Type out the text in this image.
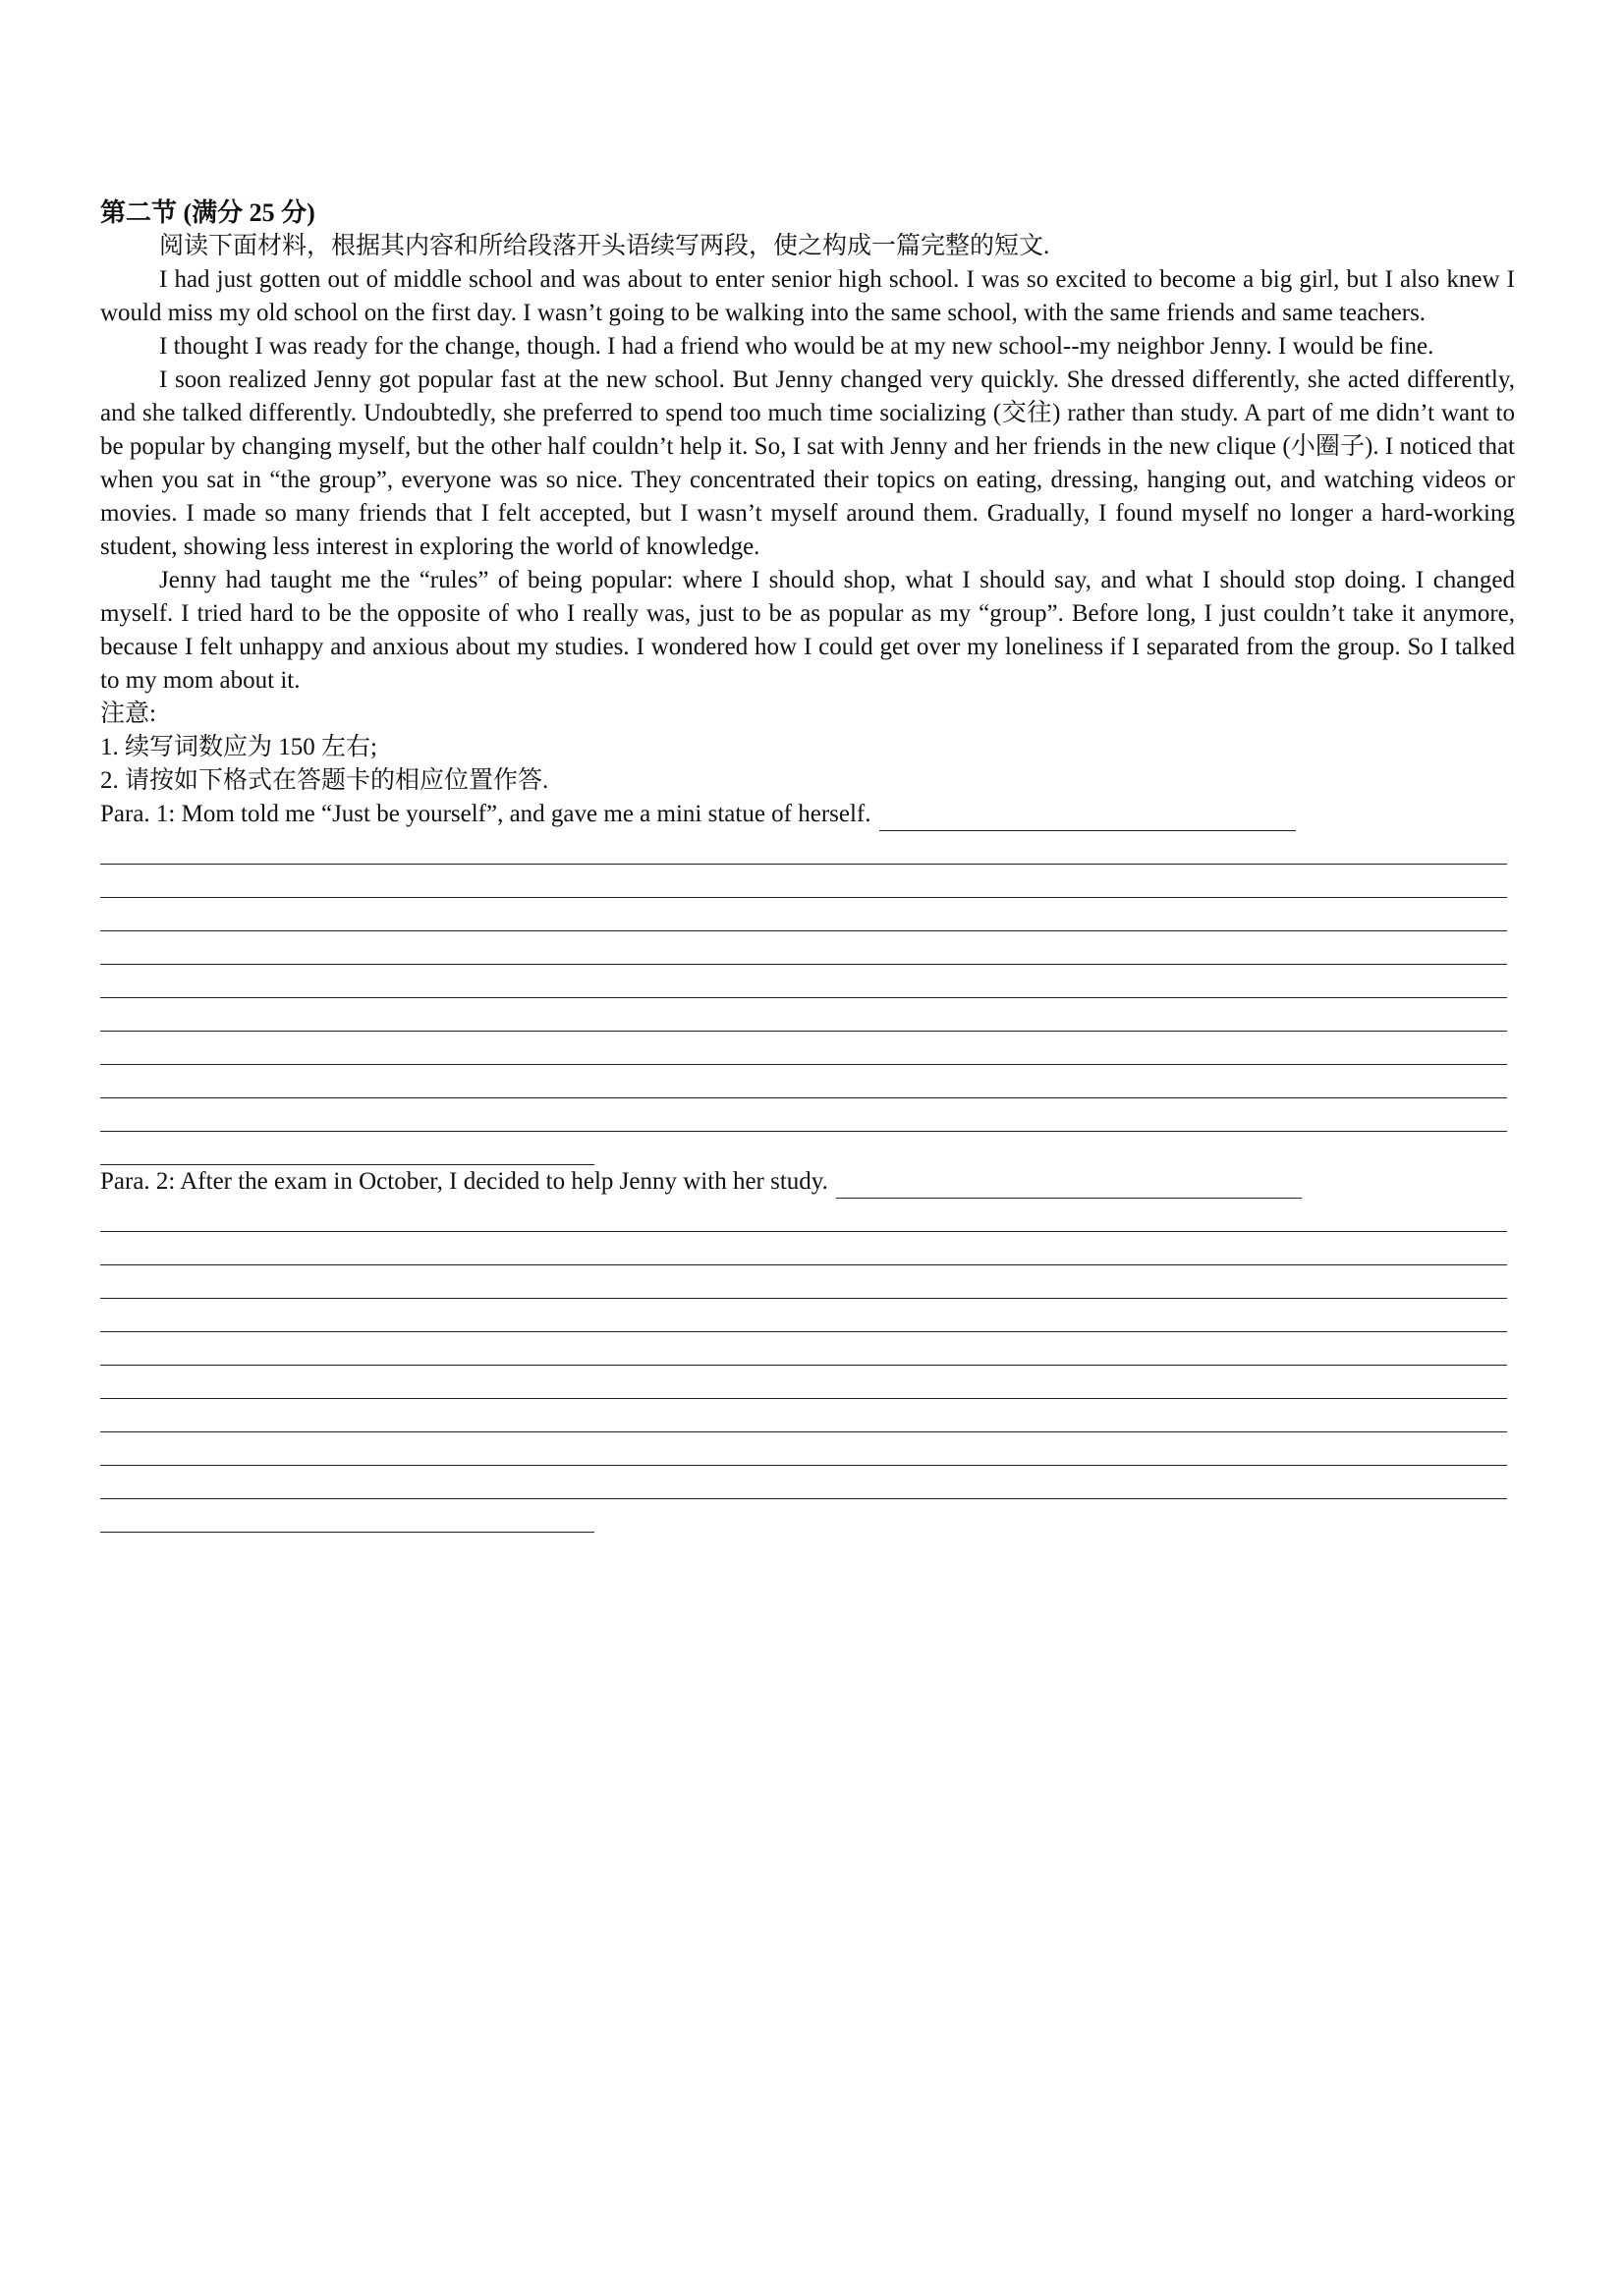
第二节 (满分 25 分)

阅读下面材料，根据其内容和所给段落开头语续写两段，使之构成一篇完整的短文.

I had just gotten out of middle school and was about to enter senior high school. I was so excited to become a big girl, but I also knew I would miss my old school on the first day. I wasn’t going to be walking into the same school, with the same friends and same teachers.

I thought I was ready for the change, though. I had a friend who would be at my new school--my neighbor Jenny. I would be fine.

I soon realized Jenny got popular fast at the new school. But Jenny changed very quickly. She dressed differently, she acted differently, and she talked differently. Undoubtedly, she preferred to spend too much time socializing (交往) rather than study. A part of me didn’t want to be popular by changing myself, but the other half couldn’t help it. So, I sat with Jenny and her friends in the new clique (小圈子). I noticed that when you sat in “the group”, everyone was so nice. They concentrated their topics on eating, dressing, hanging out, and watching videos or movies. I made so many friends that I felt accepted, but I wasn’t myself around them. Gradually, I found myself no longer a hard-working student, showing less interest in exploring the world of knowledge.

Jenny had taught me the “rules” of being popular: where I should shop, what I should say, and what I should stop doing. I changed myself. I tried hard to be the opposite of who I really was, just to be as popular as my “group”. Before long, I just couldn’t take it anymore, because I felt unhappy and anxious about my studies. I wondered how I could get over my loneliness if I separated from the group. So I talked to my mom about it.

注意:

1. 续写词数应为 150 左右;

2. 请按如下格式在答题卡的相应位置作答.

Para. 1: Mom told me “Just be yourself”, and gave me a mini statue of herself.
Para. 2: After the exam in October, I decided to help Jenny with her study.
